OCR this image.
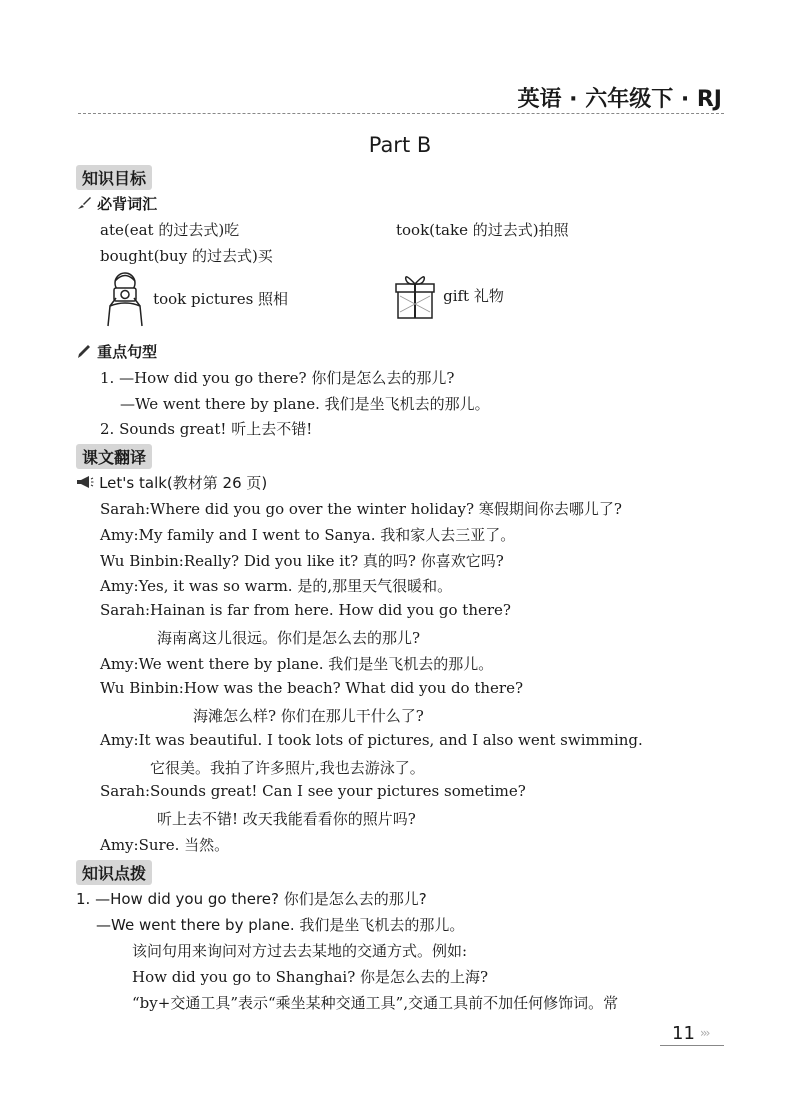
英语 · 六年级下 · RJ
Part B
知识目标
必背词汇
ate(eat 的过去式)吃	took(take 的过去式)拍照
bought(buy 的过去式)买
took pictures 照相	gift 礼物
重点句型
1. —How did you go there? 你们是怎么去的那儿?
—We went there by plane. 我们是坐飞机去的那儿。
2. Sounds great! 听上去不错!
课文翻译
Let's talk(教材第 26 页)
Sarah:Where did you go over the winter holiday? 寒假期间你去哪儿了?
Amy:My family and I went to Sanya. 我和家人去三亚了。
Wu Binbin:Really? Did you like it? 真的吗? 你喜欢它吗?
Amy:Yes, it was so warm. 是的,那里天气很暖和。
Sarah:Hainan is far from here. How did you go there?
海南离这儿很远。你们是怎么去的那儿?
Amy:We went there by plane. 我们是坐飞机去的那儿。
Wu Binbin:How was the beach? What did you do there?
海滩怎么样? 你们在那儿干什么了?
Amy:It was beautiful. I took lots of pictures, and I also went swimming.
它很美。我拍了许多照片,我也去游泳了。
Sarah:Sounds great! Can I see your pictures sometime?
听上去不错! 改天我能看看你的照片吗?
Amy:Sure. 当然。
知识点拨
1. —How did you go there? 你们是怎么去的那儿?
—We went there by plane. 我们是坐飞机去的那儿。
该问句用来询问对方过去去某地的交通方式。例如:
How did you go to Shanghai? 你是怎么去的上海?
“by+交通工具”表示“乘坐某种交通工具”,交通工具前不加任何修饰词。常
11 ›››
